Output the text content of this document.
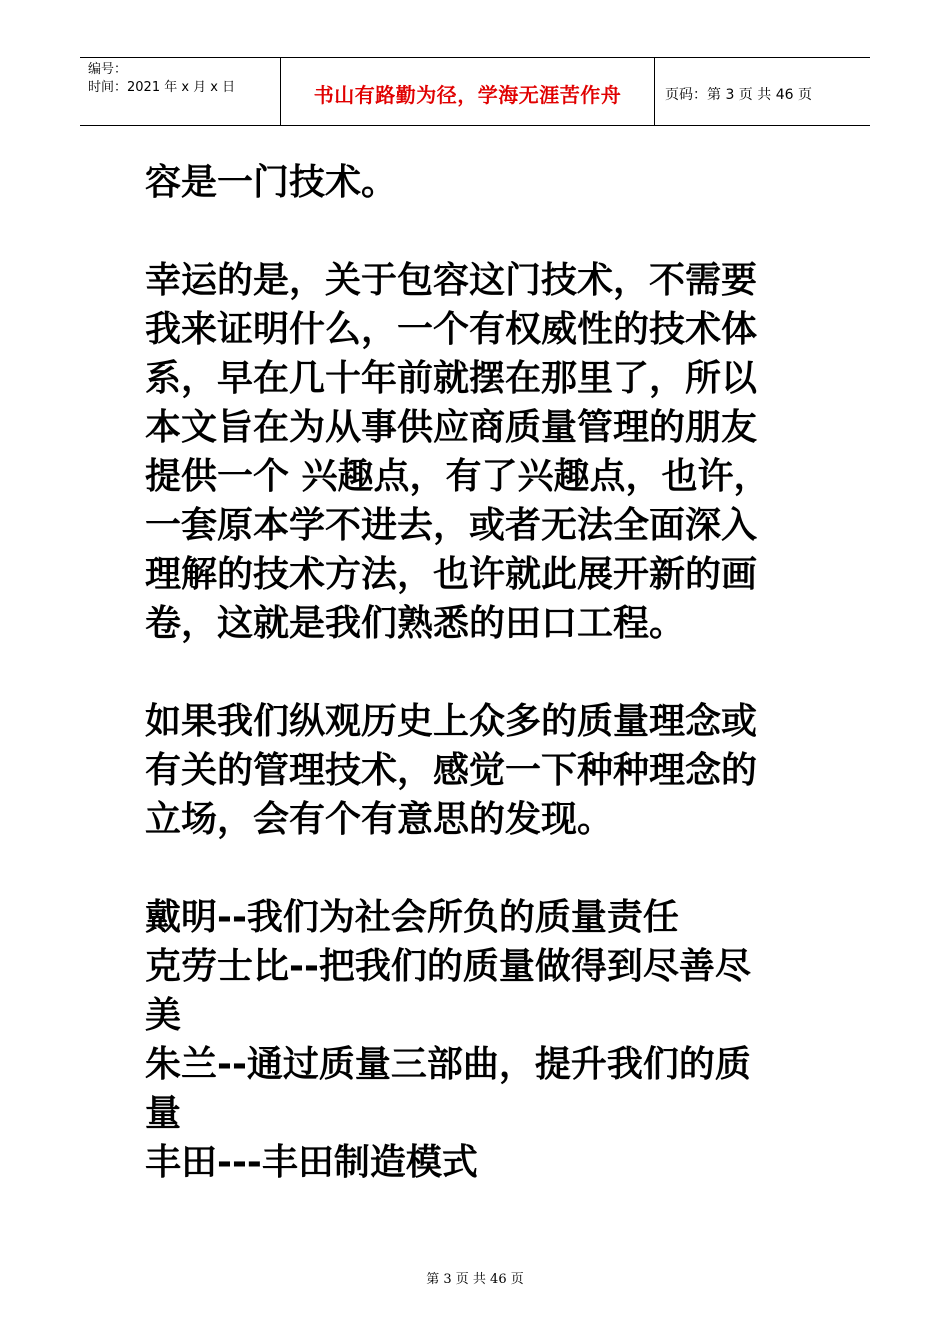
编号：
时间：2021 年 x 月 x 日	书山有路勤为径，学海无涯苦作舟	页码：第 3 页 共 46 页

容是一门技术。

幸运的是，关于包容这门技术，不需要

我来证明什么，一个有权威性的技术体

系，早在几十年前就摆在那里了，所以

本文旨在为从事供应商质量管理的朋友

提供一个 兴趣点，有了兴趣点，也许，

一套原本学不进去，或者无法全面深入

理解的技术方法，也许就此展开新的画

卷，这就是我们熟悉的田口工程。

如果我们纵观历史上众多的质量理念或

有关的管理技术，感觉一下种种理念的

立场，会有个有意思的发现。

戴明--我们为社会所负的质量责任

克劳士比--把我们的质量做得到尽善尽

美

朱兰--通过质量三部曲，提升我们的质

量

丰田---丰田制造模式

第 3 页 共 46 页
